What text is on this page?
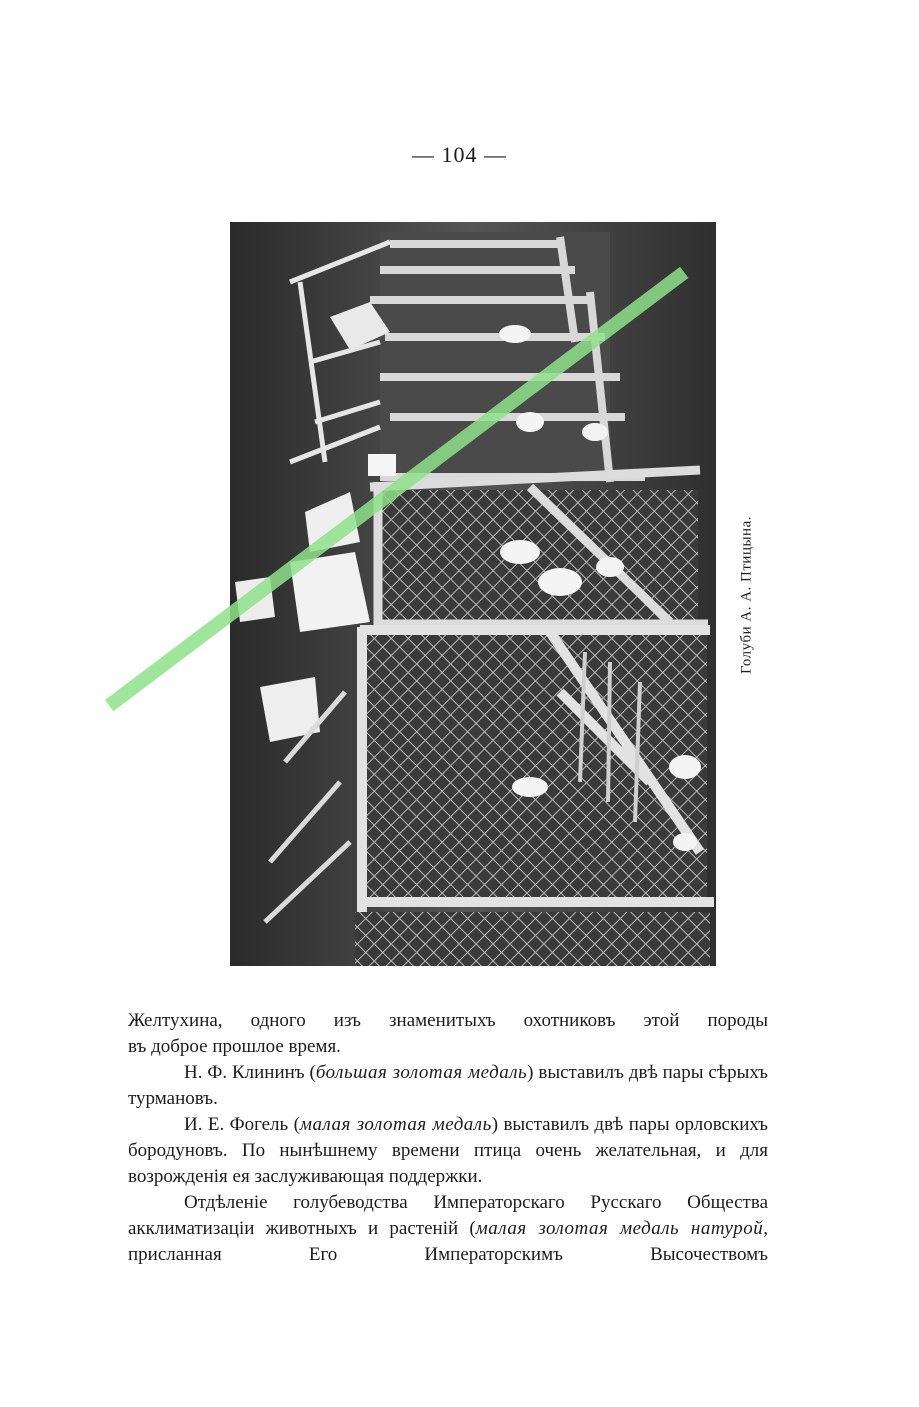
— 104 —
Голуби А. А. Птицына.

Желтухина, одного изъ знаменитыхъ охотниковъ этой породы

въ доброе прошлое время.

Н. Ф. Клининъ (большая золотая медаль) выставилъ двѣ пары сѣрыхъ турмановъ.

И. Е. Фогель (малая золотая медаль) выставилъ двѣ пары орловскихъ бородуновъ. По нынѣшнему времени птица очень желательная, и для возрожденія ея заслуживающая поддержки.

Отдѣленіе голубеводства Императорскаго Русскаго Общества акклиматизаціи животныхъ и растеній (малая золотая медаль натурой, присланная Его Императорскимъ Высочествомъ
